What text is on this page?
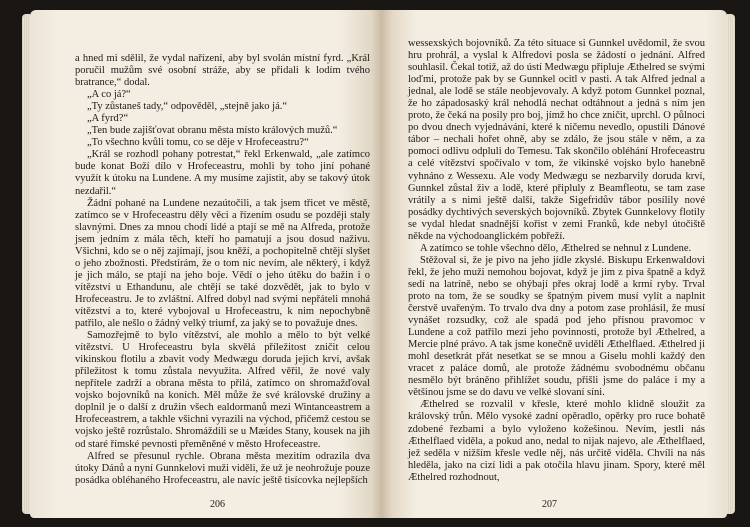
a hned mi sdělil, že vydal nařízení, aby byl svolán místní fyrd. „Král poručil mužům své osobní stráže, aby se přidali k lodím tvého bratrance,“ dodal.

„A co já?“

„Ty zůstaneš tady,“ odpověděl, „stejně jako já.“

„A fyrd?“

„Ten bude zajišťovat obranu města místo králových mužů.“

„To všechno kvůli tomu, co se děje v Hrofeceastru?“

„Král se rozhodl pohany potrestat,“ řekl Erkenwald, „ale zatímco bude konat Boží dílo v Hrofeceastru, mohli by toho jiní pohané využít k útoku na Lundene. A my musíme zajistit, aby se takový útok nezdařil.“

Žádní pohané na Lundene nezaútočili, a tak jsem třicet ve městě, zatímco se v Hrofeceastru děly věci a řízením osudu se později staly slavnými. Dnes za mnou chodí lidé a ptají se mě na Alfreda, protože jsem jedním z mála těch, kteří ho pamatují a jsou dosud naživu. Všichni, kdo se o něj zajímají, jsou kněží, a pochopitelně chtějí slyšet o jeho zbožnosti. Předstírám, že o tom nic nevím, ale některý, i když je jich málo, se ptají na jeho boje. Vědí o jeho útěku do bažin i o vítězství u Ethandunu, ale chtějí se také dozvědět, jak to bylo v Hrofeceastru. Je to zvláštní. Alfred dobyl nad svými nepřáteli mnohá vítězství a to, které vybojoval u Hrofeceastru, k nim nepochybně patřilo, ale nešlo o žádný velký triumf, za jaký se to považuje dnes.

Samozřejmě to bylo vítězství, ale mohlo a mělo to být velké vítězství. U Hrofeceastru byla skvělá příležitost zničit celou vikinskou flotilu a zbavit vody Medwægu doruda jejich krví, avšak příležitost k tomu zůstala nevyužita. Alfred věřil, že nové valy nepřítele zadrží a obrana města to přilá, zatímco on shromažďoval vojsko bojovníků na koních. Měl může že své královské družiny a doplnil je o další z družin všech ealdormanů mezi Wintanceastrem a Hrofeceastrem, a takhle všichni vyrazili na východ, přičemž cestou se vojsko ještě rozrůstalo. Shromáždili se u Mæides Stany, kousek na jih od staré římské pevnosti přeměněné v město Hrofeceastre.

Alfred se přesunul rychle. Obrana města mezitím odrazila dva útoky Dánů a nyní Gunnkelovi muži viděli, že už je neohrožuje pouze posádka obléhaného Hrofeceastru, ale navíc ještě tisícovka nejlepších

206

wessexských bojovníků. Za této situace si Gunnkel uvědomil, že svou hru prohrál, a vyslal k Alfredovi posla se žádostí o jednání. Alfred souhlasil. Čekal totiž, až do ústí Medwægu připluje Æthelred se svými loďmi, protože pak by se Gunnkel ocitl v pasti. A tak Alfred jednal a jednal, ale lodě se stále neobjevovaly. A když potom Gunnkel poznal, že ho západosaský král nehodlá nechat odtáhnout a jedná s ním jen proto, že čeká na posily pro boj, jímž ho chce zničit, uprchl. O půlnoci po dvou dnech vyjednávání, které k ničemu nevedlo, opustili Dánové tábor – nechali hořet ohně, aby se zdálo, že jsou stále v něm, a za pomoci odlivu odpluli do Temesu. Tak skončilo obléhání Hrofeceastru a celé vítězství spočívalo v tom, že vikinské vojsko bylo hanebně vyhnáno z Wessexu. Ale vody Medwægu se nezbarvily doruda krví, Gunnkel zůstal živ a lodě, které připluly z Beamfleotu, se tam zase vrátily a s nimi ještě další, takže Sigefridův tábor posílily nové posádky dychtivých severských bojovníků. Zbytek Gunnkelovy flotily se vydal hledat snadnější kořist v zemi Franků, kde nebyl útočiště někde na východoanglickém pobřeží.

A zatímco se tohle všechno dělo, Æthelred se nehnul z Lundene.

Stěžoval si, že je pivo na jeho jídle zkyslé. Biskupu Erkenwaldovi řekl, že jeho muži nemohou bojovat, když je jim z piva špatně a když sedí na latríně, nebo se ohýbají přes okraj lodě a krmí ryby. Trval proto na tom, že se soudky se špatným pivem musí vylít a naplnit čerstvě uvařeným. To trvalo dva dny a potom zase prohlásil, že musí vynášet rozsudky, což ale spadá pod jeho přísnou pravomoc v Lundene a což patřilo mezi jeho povinnosti, protože byl Æthelred, a Mercie plné právo. A tak jsme konečně uviděli Æthelflaed. Æthelred ji mohl desetkrát přát nesetkat se se mnou a Giselu mohli každý den vracet z paláce domů, ale protože žádnému svobodnému občanu nesmělo být bráněno přihlížet soudu, přišli jsme do paláce i my a většinou jsme se do davu ve velké slovaní síni.

Æthelred se rozvalil v křesle, které mohlo klidně sloužit za královský trůn. Mělo vysoké zadní opěradlo, opěrky pro ruce bohatě zdobené řezbami a bylo vyloženo kožešinou. Nevím, jestli nás Æthelflaed viděla, a pokud ano, nedal to nijak najevo, ale Æthelflaed, jež seděla v nižším křesle vedle něj, nás určitě viděla. Chvíli na nás hleděla, jako na cizí lidi a pak otočila hlavu jinam. Spory, které měl Æthelred rozhodnout,

207
